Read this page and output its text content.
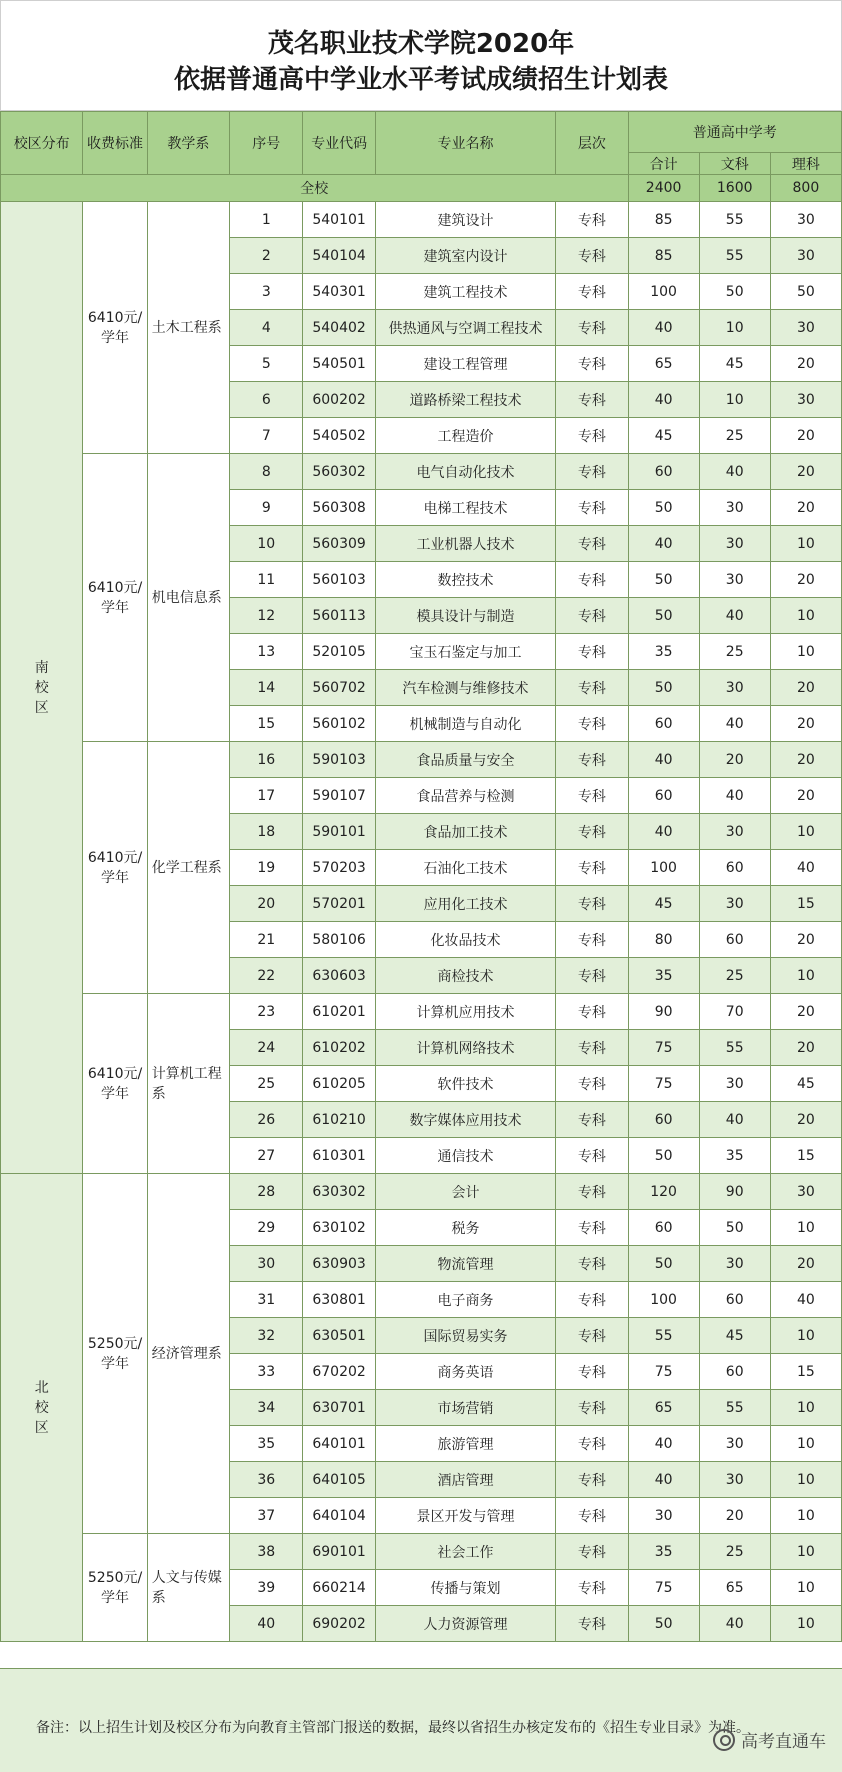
茂名职业技术学院2020年
依据普通高中学业水平考试成绩招生计划表
校区分布	收费标准	教学系	序号	专业代码	专业名称	层次	普通高中学考		
							合计	文科	理科
全校							2400	1600	800
南校区	6410元/学年	土木工程系	1	540101	建筑设计	专科	85	55	30
			2	540104	建筑室内设计	专科	85	55	30
			3	540301	建筑工程技术	专科	100	50	50
			4	540402	供热通风与空调工程技术	专科	40	10	30
			5	540501	建设工程管理	专科	65	45	20
			6	600202	道路桥梁工程技术	专科	40	10	30
			7	540502	工程造价	专科	45	25	20
	6410元/学年	机电信息系	8	560302	电气自动化技术	专科	60	40	20
			9	560308	电梯工程技术	专科	50	30	20
			10	560309	工业机器人技术	专科	40	30	10
			11	560103	数控技术	专科	50	30	20
			12	560113	模具设计与制造	专科	50	40	10
			13	520105	宝玉石鉴定与加工	专科	35	25	10
			14	560702	汽车检测与维修技术	专科	50	30	20
			15	560102	机械制造与自动化	专科	60	40	20
	6410元/学年	化学工程系	16	590103	食品质量与安全	专科	40	20	20
			17	590107	食品营养与检测	专科	60	40	20
			18	590101	食品加工技术	专科	40	30	10
			19	570203	石油化工技术	专科	100	60	40
			20	570201	应用化工技术	专科	45	30	15
			21	580106	化妆品技术	专科	80	60	20
			22	630603	商检技术	专科	35	25	10
	6410元/学年	计算机工程系	23	610201	计算机应用技术	专科	90	70	20
			24	610202	计算机网络技术	专科	75	55	20
			25	610205	软件技术	专科	75	30	45
			26	610210	数字媒体应用技术	专科	60	40	20
			27	610301	通信技术	专科	50	35	15
北校区	5250元/学年	经济管理系	28	630302	会计	专科	120	90	30
			29	630102	税务	专科	60	50	10
			30	630903	物流管理	专科	50	30	20
			31	630801	电子商务	专科	100	60	40
			32	630501	国际贸易实务	专科	55	45	10
			33	670202	商务英语	专科	75	60	15
			34	630701	市场营销	专科	65	55	10
			35	640101	旅游管理	专科	40	30	10
			36	640105	酒店管理	专科	40	30	10
			37	640104	景区开发与管理	专科	30	20	10
	5250元/学年	人文与传媒系	38	690101	社会工作	专科	35	25	10
			39	660214	传播与策划	专科	75	65	10
			40	690202	人力资源管理	专科	50	40	10
备注：以上招生计划及校区分布为向教育主管部门报送的数据，最终以省招生办核定发布的《招生专业目录》为准。
高考直通车
